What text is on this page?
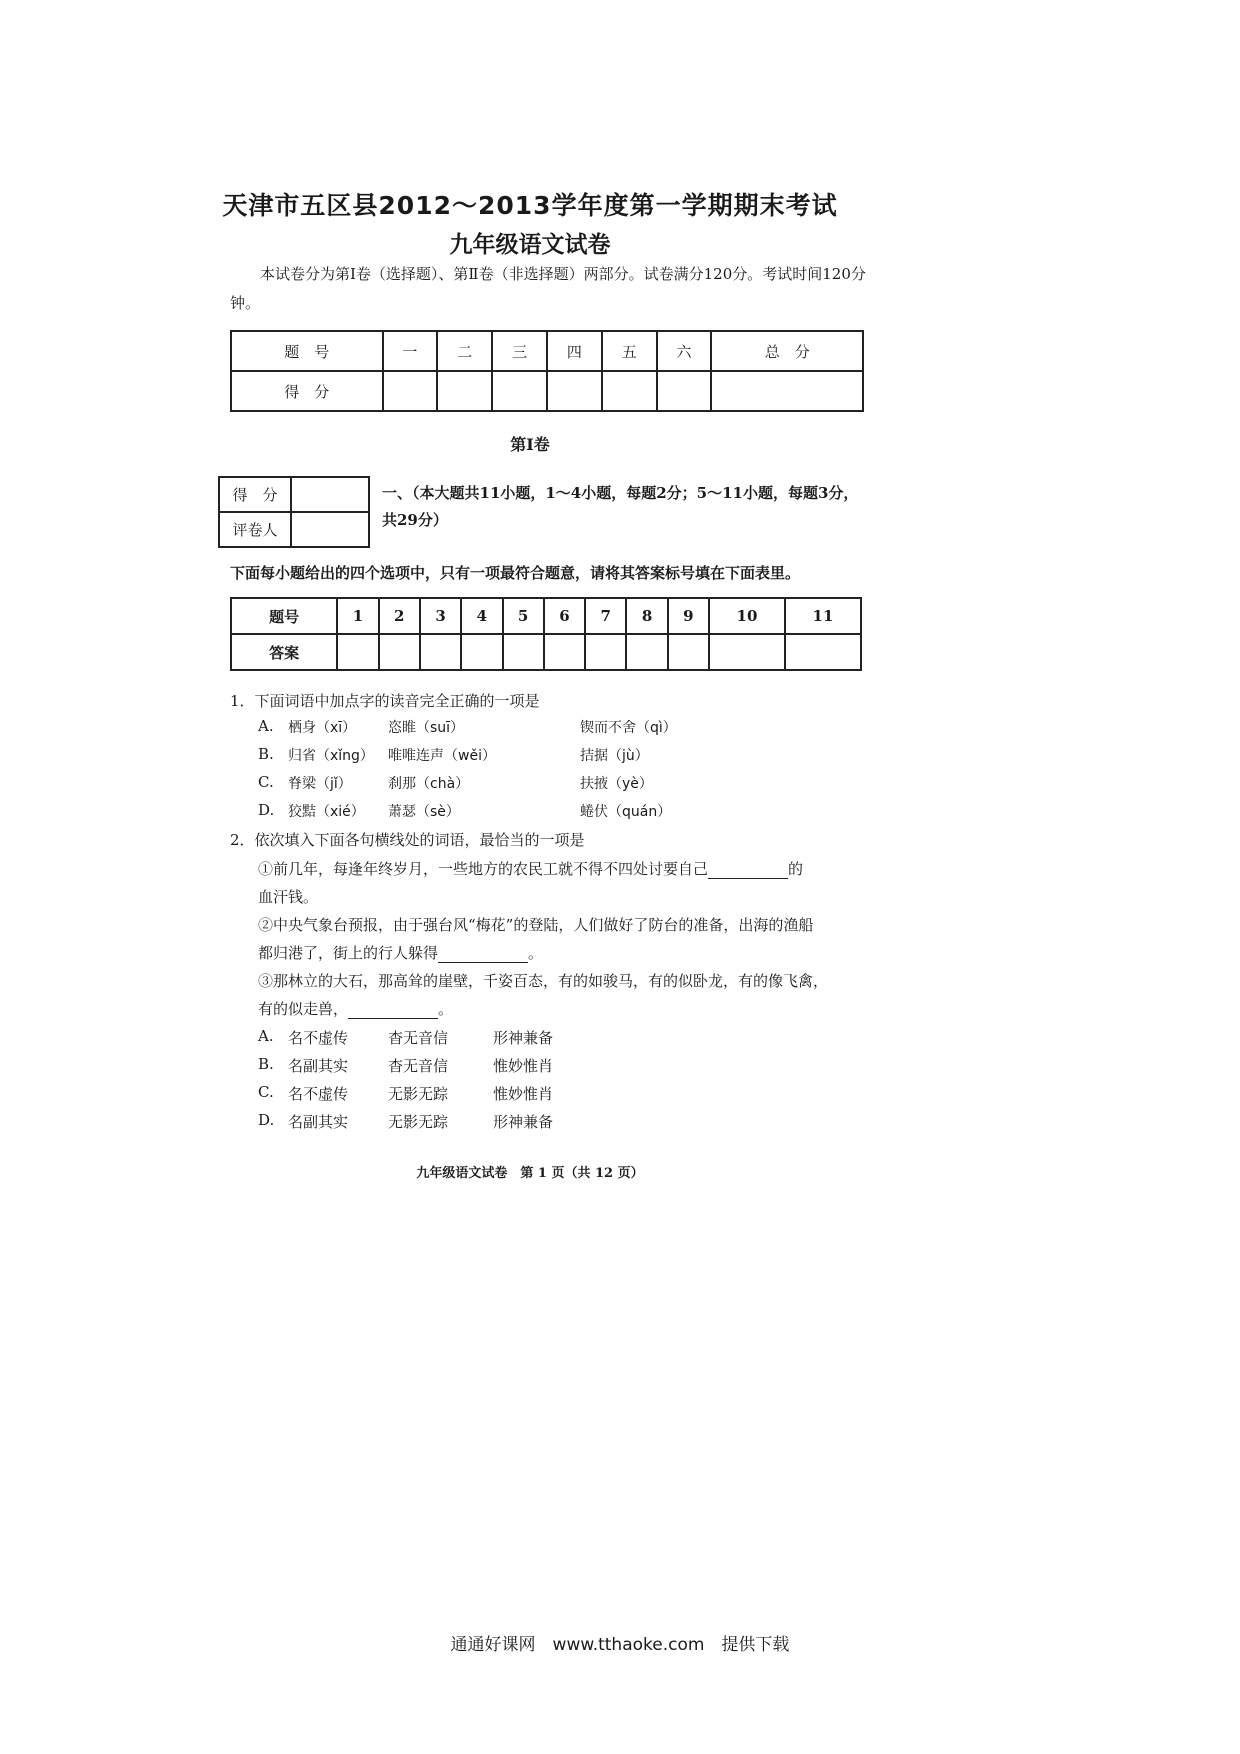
天津市五区县2012～2013学年度第一学期期末考试
九年级语文试卷
本试卷分为第Ⅰ卷（选择题）、第Ⅱ卷（非选择题）两部分。试卷满分120分。考试时间120分钟。
题　号	一	二	三	四	五	六	总　分
得　分							
第Ⅰ卷
得　分	
评卷人	
一、（本大题共11小题，1～4小题，每题2分；5～11小题，每题3分，共29分）
下面每小题给出的四个选项中，只有一项最符合题意，请将其答案标号填在下面表里。
题号	1	2	3	4	5	6	7	8	9	10	11
答案											
1．下面词语中加点字的读音完全正确的一项是
A. 栖身（xī） 恣睢（suī）	锲而不舍（qì）
B. 归省（xǐng） 唯唯连声（wěi）	拮据（jù）
C. 脊梁（jǐ）	刹那（chà）	扶掖（yè）
D. 狡黠（xié） 萧瑟（sè）	蜷伏（quán）
2．依次填入下面各句横线处的词语，最恰当的一项是
①前几年，每逢年终岁月，一些地方的农民工就不得不四处讨要自己	的
血汗钱。
②中央气象台预报，由于强台风“梅花”的登陆，人们做好了防台的准备，出海的渔船
都归港了，街上的行人躲得	。
③那林立的大石，那高耸的崖壁，千姿百态，有的如骏马，有的似卧龙，有的像飞禽，
有的似走兽，	。
A. 名不虚传	杳无音信	形神兼备
B. 名副其实	杳无音信	惟妙惟肖
C. 名不虚传	无影无踪	惟妙惟肖
D. 名副其实	无影无踪	形神兼备
九年级语文试卷　第 1 页（共 12 页）
通通好课网　www.tthaoke.com　提供下载
